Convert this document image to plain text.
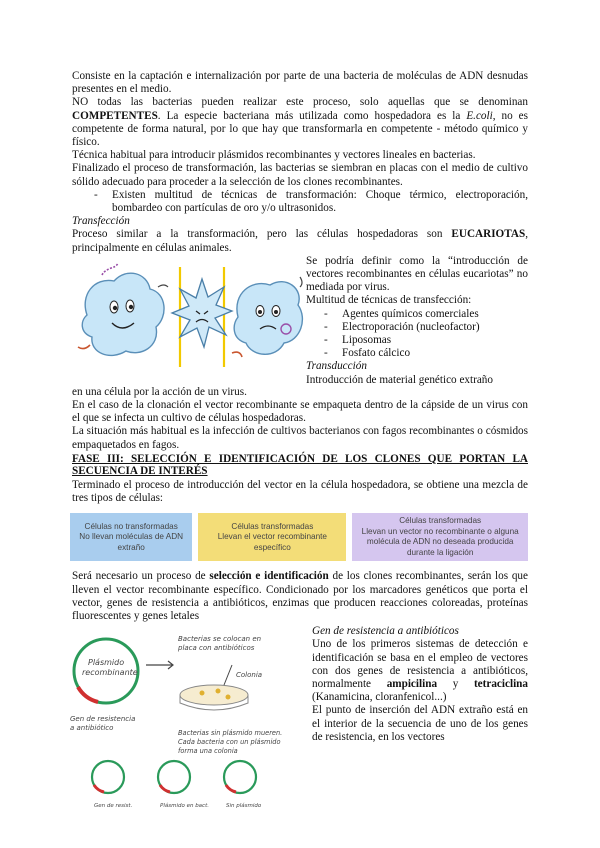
Consiste en la captación e internalización por parte de una bacteria de moléculas de ADN desnudas presentes en el medio.

NO todas las bacterias pueden realizar este proceso, solo aquellas que se denominan COMPETENTES. La especie bacteriana más utilizada como hospedadora es la E.coli, no es competente de forma natural, por lo que hay que transformarla en competente - método químico y físico.

Técnica habitual para introducir plásmidos recombinantes y vectores lineales en bacterias.

Finalizado el proceso de transformación, las bacterias se siembran en placas con el medio de cultivo sólido adecuado para proceder a la selección de los clones recombinantes.

-	Existen multitud de técnicas de transformación: Choque térmico, electroporación, bombardeo con partículas de oro y/o ultrasonidos.

Transfección

Proceso similar a la transformación, pero las células hospedadoras son EUCARIOTAS, principalmente en células animales.

Se podría definir como la “introducción de vectores recombinantes en células eucariotas” no mediada por virus.

Multitud de técnicas de transfección:

-	Agentes químicos comerciales
-	Electroporación (nucleofactor)
-	Liposomas
-	Fosfato cálcico

Transducción

Introducción de material genético extraño

en una célula por la acción de un virus.

En el caso de la clonación el vector recombinante se empaqueta dentro de la cápside de un virus con el que se infecta un cultivo de células hospedadoras.

La situación más habitual es la infección de cultivos bacterianos con fagos recombinantes o cósmidos empaquetados en fagos.

FASE III: SELECCIÓN E IDENTIFICACIÓN DE LOS CLONES QUE PORTAN LA SECUENCIA DE INTERÉS

Terminado el proceso de introducción del vector en la célula hospedadora, se obtiene una mezcla de tres tipos de células:

Células no transformadas
No llevan moléculas de ADN extraño
Células transformadas
Llevan el vector recombinante específico
Células transformadas
Llevan un vector no recombinante o alguna molécula de ADN no deseada producida durante la ligación

Será necesario un proceso de selección e identificación de los clones recombinantes, serán los que lleven el vector recombinante específico. Condicionado por los marcadores genéticos que porta el vector, genes de resistencia a antibióticos, enzimas que producen reacciones coloreadas, proteínas fluorescentes y genes letales

Plásmido
recombinante
Gen de resistencia
a antibiótico
Bacterias se colocan en
placa con antibióticos
Colonia
Bacterias sin plásmido mueren.
Cada bacteria con un plásmido
forma una colonia
Gen de resist.	Plásmido en bact.	Sin plásmido

Gen de resistencia a antibióticos

Uno de los primeros sistemas de detección e identificación se basa en el empleo de vectores con dos genes de resistencia a antibióticos, normalmente ampicilina y tetraciclina (Kanamicina, cloranfenicol...)

El punto de inserción del ADN extraño está en el interior de la secuencia de uno de los genes de resistencia, en los vectores
